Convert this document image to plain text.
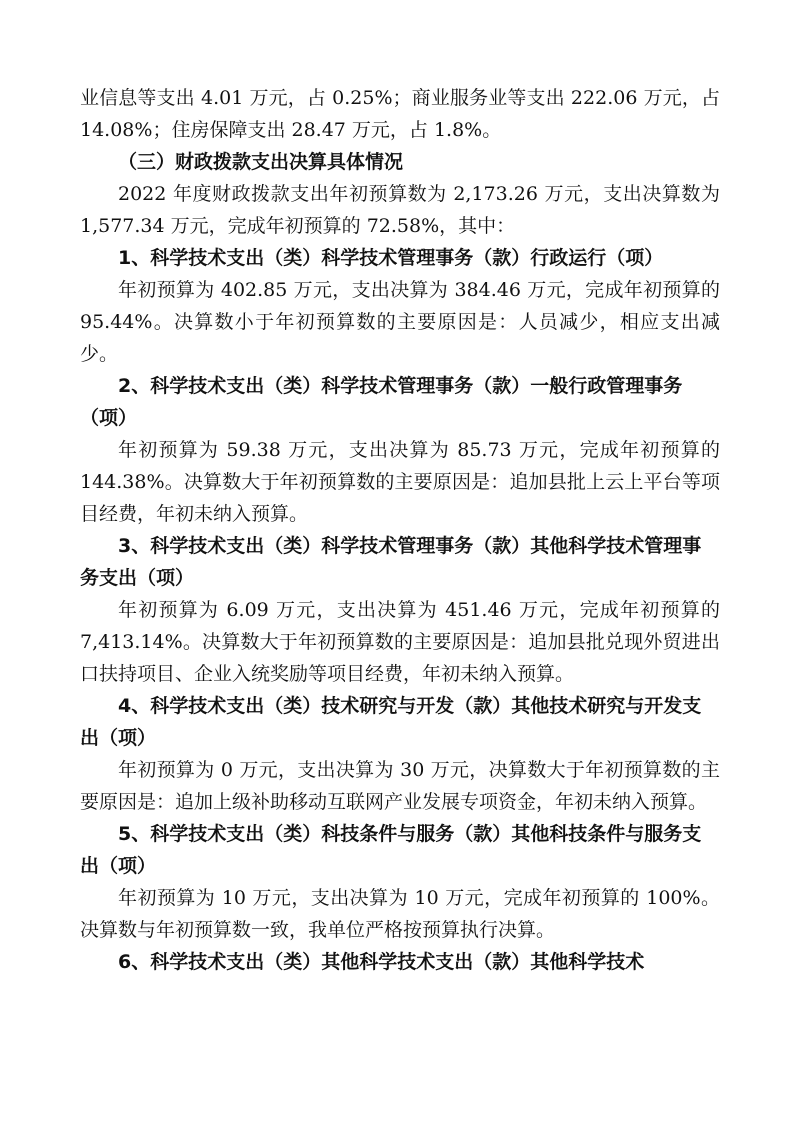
业信息等支出 4.01 万元，占 0.25%；商业服务业等支出 222.06 万元，占 14.08%；住房保障支出 28.47 万元，占 1.8%。

（三）财政拨款支出决算具体情况

2022 年度财政拨款支出年初预算数为 2,173.26 万元，支出决算数为 1,577.34 万元，完成年初预算的 72.58%，其中：

1、科学技术支出（类）科学技术管理事务（款）行政运行（项）

年初预算为 402.85 万元，支出决算为 384.46 万元，完成年初预算的 95.44%。决算数小于年初预算数的主要原因是：人员减少，相应支出减少。

2、科学技术支出（类）科学技术管理事务（款）一般行政管理事务（项）

年初预算为 59.38 万元，支出决算为 85.73 万元，完成年初预算的 144.38%。决算数大于年初预算数的主要原因是：追加县批上云上平台等项目经费，年初未纳入预算。

3、科学技术支出（类）科学技术管理事务（款）其他科学技术管理事务支出（项）

年初预算为 6.09 万元，支出决算为 451.46 万元，完成年初预算的 7,413.14%。决算数大于年初预算数的主要原因是：追加县批兑现外贸进出口扶持项目、企业入统奖励等项目经费，年初未纳入预算。

4、科学技术支出（类）技术研究与开发（款）其他技术研究与开发支出（项）

年初预算为 0 万元，支出决算为 30 万元，决算数大于年初预算数的主要原因是：追加上级补助移动互联网产业发展专项资金，年初未纳入预算。

5、科学技术支出（类）科技条件与服务（款）其他科技条件与服务支出（项）

年初预算为 10 万元，支出决算为 10 万元，完成年初预算的 100%。决算数与年初预算数一致，我单位严格按预算执行决算。

6、科学技术支出（类）其他科学技术支出（款）其他科学技术
